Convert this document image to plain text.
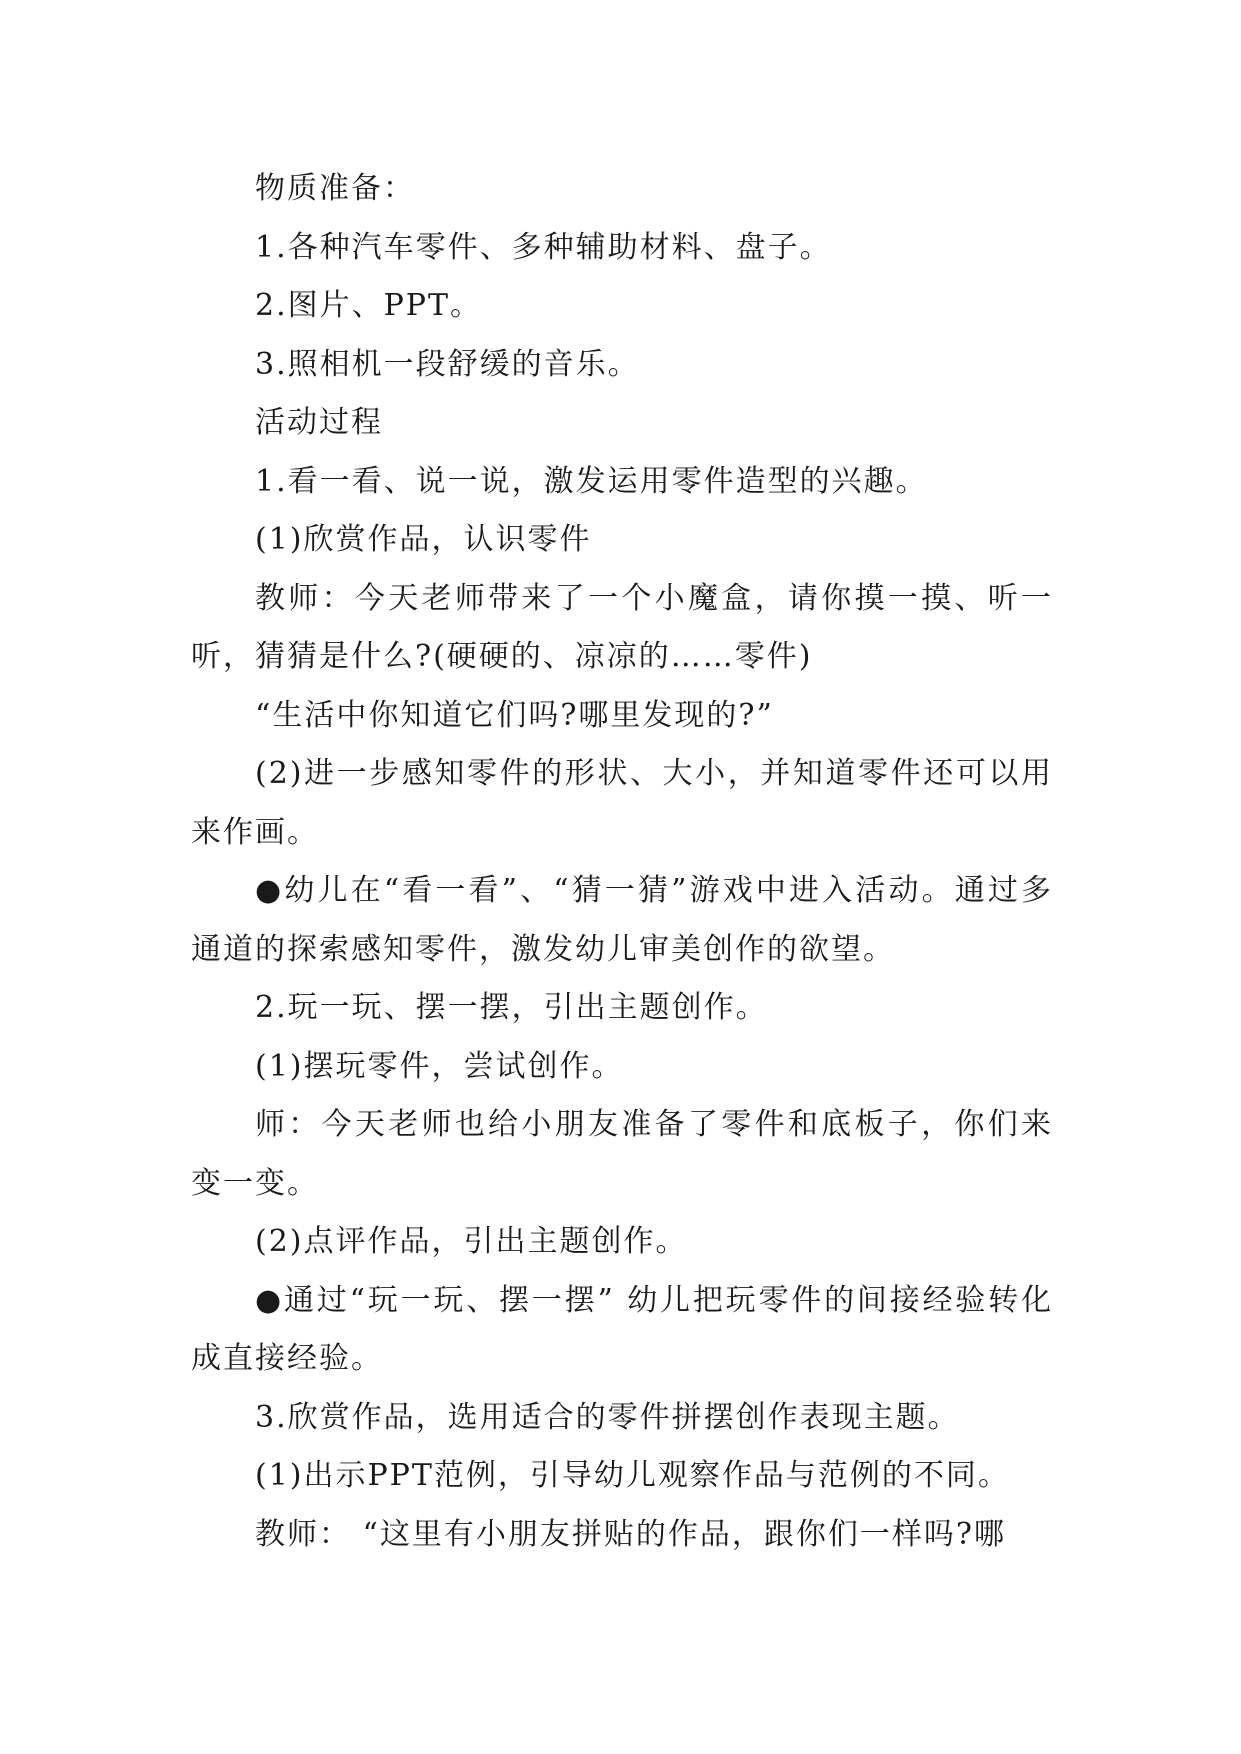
物质准备：

1.各种汽车零件、多种辅助材料、盘子。

2.图片、PPT。

3.照相机一段舒缓的音乐。

活动过程

1.看一看、说一说，激发运用零件造型的兴趣。

(1)欣赏作品，认识零件

教师：今天老师带来了一个小魔盒，请你摸一摸、听一听，猜猜是什么?(硬硬的、凉凉的……零件)

“生活中你知道它们吗?哪里发现的?”

(2)进一步感知零件的形状、大小，并知道零件还可以用来作画。

●幼儿在“看一看”、“猜一猜”游戏中进入活动。通过多通道的探索感知零件，激发幼儿审美创作的欲望。

2.玩一玩、摆一摆，引出主题创作。

(1)摆玩零件，尝试创作。

师：今天老师也给小朋友准备了零件和底板子，你们来变一变。

(2)点评作品，引出主题创作。

●通过“玩一玩、摆一摆” 幼儿把玩零件的间接经验转化成直接经验。

3.欣赏作品，选用适合的零件拼摆创作表现主题。

(1)出示PPT范例，引导幼儿观察作品与范例的不同。

教师： “这里有小朋友拼贴的作品，跟你们一样吗?哪
